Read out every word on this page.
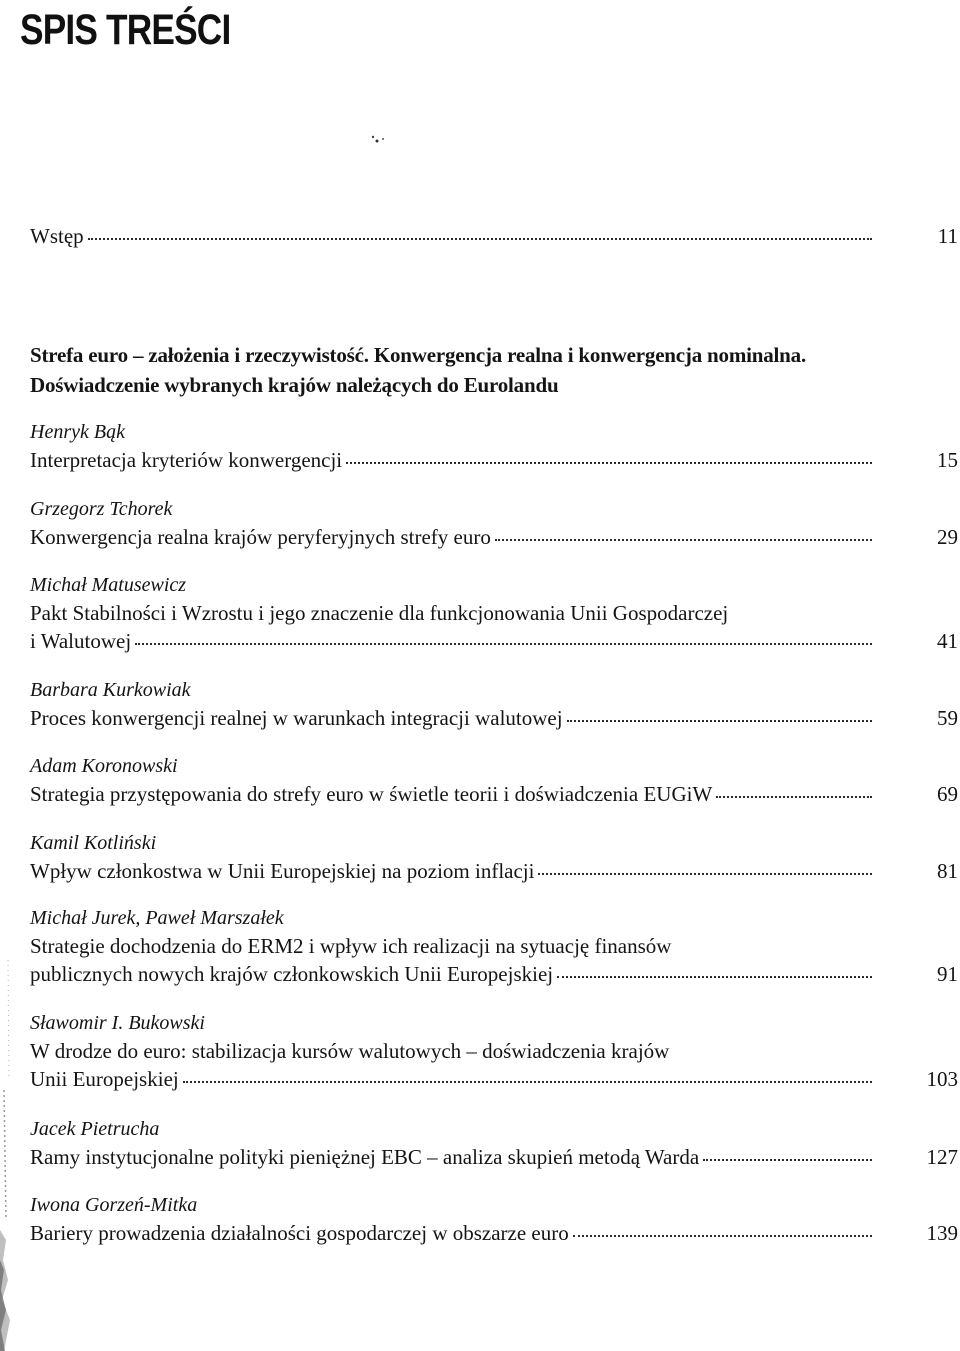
SPIS TREŚCI
Wstęp	11
Strefa euro – założenia i rzeczywistość. Konwergencja realna i konwergencja nominalna.
Doświadczenie wybranych krajów należących do Eurolandu
Henryk Bąk
Interpretacja kryteriów konwergencji	15
Grzegorz Tchorek
Konwergencja realna krajów peryferyjnych strefy euro	29
Michał Matusewicz
Pakt Stabilności i Wzrostu i jego znaczenie dla funkcjonowania Unii Gospodarczej
i Walutowej	41
Barbara Kurkowiak
Proces konwergencji realnej w warunkach integracji walutowej	59
Adam Koronowski
Strategia przystępowania do strefy euro w świetle teorii i doświadczenia EUGiW	69
Kamil Kotliński
Wpływ członkostwa w Unii Europejskiej na poziom inflacji	81
Michał Jurek, Paweł Marszałek
Strategie dochodzenia do ERM2 i wpływ ich realizacji na sytuację finansów
publicznych nowych krajów członkowskich Unii Europejskiej	91
Sławomir I. Bukowski
W drodze do euro: stabilizacja kursów walutowych – doświadczenia krajów
Unii Europejskiej	103
Jacek Pietrucha
Ramy instytucjonalne polityki pieniężnej EBC – analiza skupień metodą Warda	127
Iwona Gorzeń-Mitka
Bariery prowadzenia działalności gospodarczej w obszarze euro	139
